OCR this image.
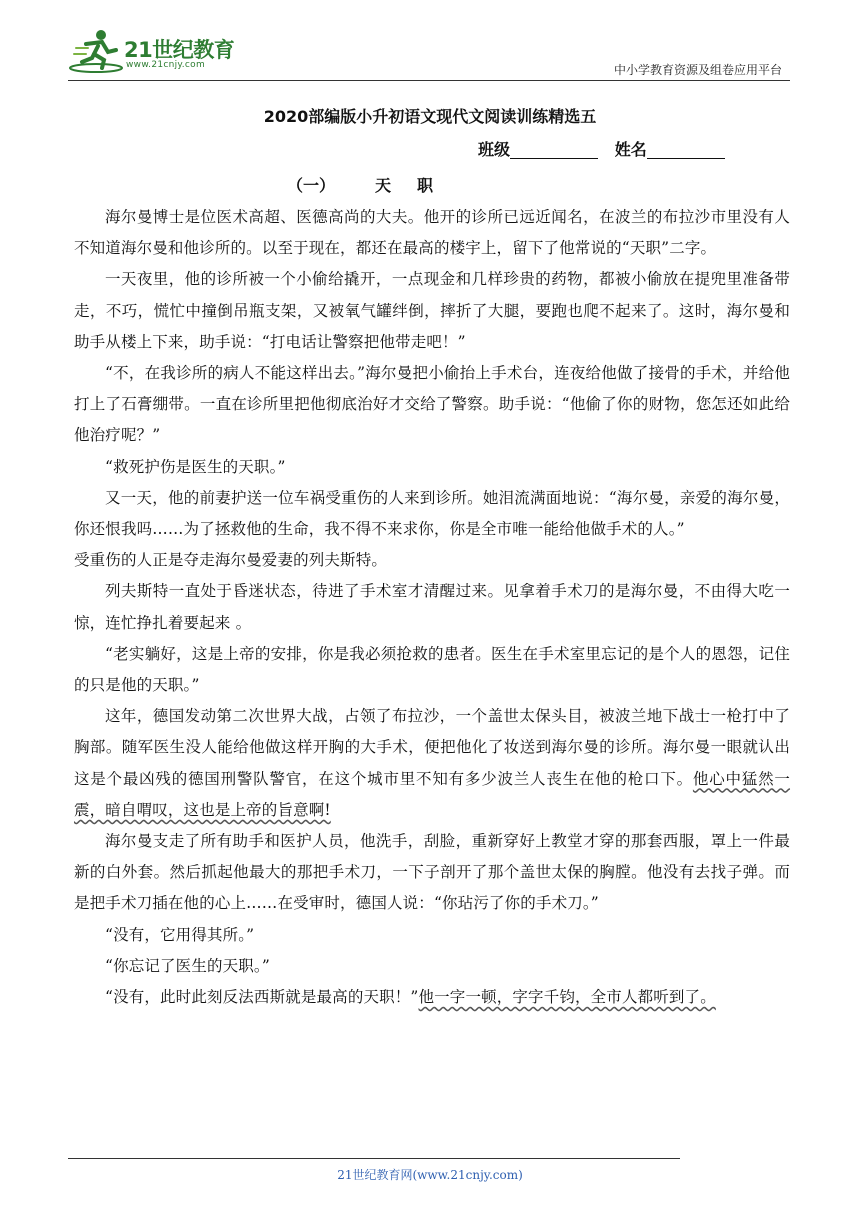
21世纪教育
www.21cnjy.com	中小学教育资源及组卷应用平台
2020部编版小升初语文现代文阅读训练精选五
班级	姓名
（一）	天 职

海尔曼博士是位医术高超、医德高尚的大夫。他开的诊所已远近闻名，在波兰的布拉沙市里没有人不知道海尔曼和他诊所的。以至于现在，都还在最高的楼宇上，留下了他常说的“天职”二字。

一天夜里，他的诊所被一个小偷给撬开，一点现金和几样珍贵的药物，都被小偷放在提兜里准备带走，不巧，慌忙中撞倒吊瓶支架，又被氧气罐绊倒，摔折了大腿，要跑也爬不起来了。这时，海尔曼和助手从楼上下来，助手说：“打电话让警察把他带走吧！”

“不，在我诊所的病人不能这样出去。”海尔曼把小偷抬上手术台，连夜给他做了接骨的手术，并给他打上了石膏绷带。一直在诊所里把他彻底治好才交给了警察。助手说：“他偷了你的财物，您怎还如此给他治疗呢？”

“救死护伤是医生的天职。”

又一天，他的前妻护送一位车祸受重伤的人来到诊所。她泪流满面地说：“海尔曼，亲爱的海尔曼，你还恨我吗……为了拯救他的生命，我不得不来求你，你是全市唯一能给他做手术的人。”

受重伤的人正是夺走海尔曼爱妻的列夫斯特。

列夫斯特一直处于昏迷状态，待进了手术室才清醒过来。见拿着手术刀的是海尔曼，不由得大吃一惊，连忙挣扎着要起来 。

“老实躺好，这是上帝的安排，你是我必须抢救的患者。医生在手术室里忘记的是个人的恩怨，记住的只是他的天职。”

这年，德国发动第二次世界大战，占领了布拉沙，一个盖世太保头目，被波兰地下战士一枪打中了胸部。随军医生没人能给他做这样开胸的大手术，便把他化了妆送到海尔曼的诊所。海尔曼一眼就认出这是个最凶残的德国刑警队警官，在这个城市里不知有多少波兰人丧生在他的枪口下。他心中猛然一震，暗自喟叹，这也是上帝的旨意啊!

海尔曼支走了所有助手和医护人员，他洗手，刮脸，重新穿好上教堂才穿的那套西服，罩上一件最新的白外套。然后抓起他最大的那把手术刀，一下子剖开了那个盖世太保的胸膛。他没有去找子弹。而是把手术刀插在他的心上……在受审时，德国人说：“你玷污了你的手术刀。”

“没有，它用得其所。”

“你忘记了医生的天职。”

“没有，此时此刻反法西斯就是最高的天职！”他一字一顿，字字千钧，全市人都听到了。

21世纪教育网(www.21cnjy.com)
